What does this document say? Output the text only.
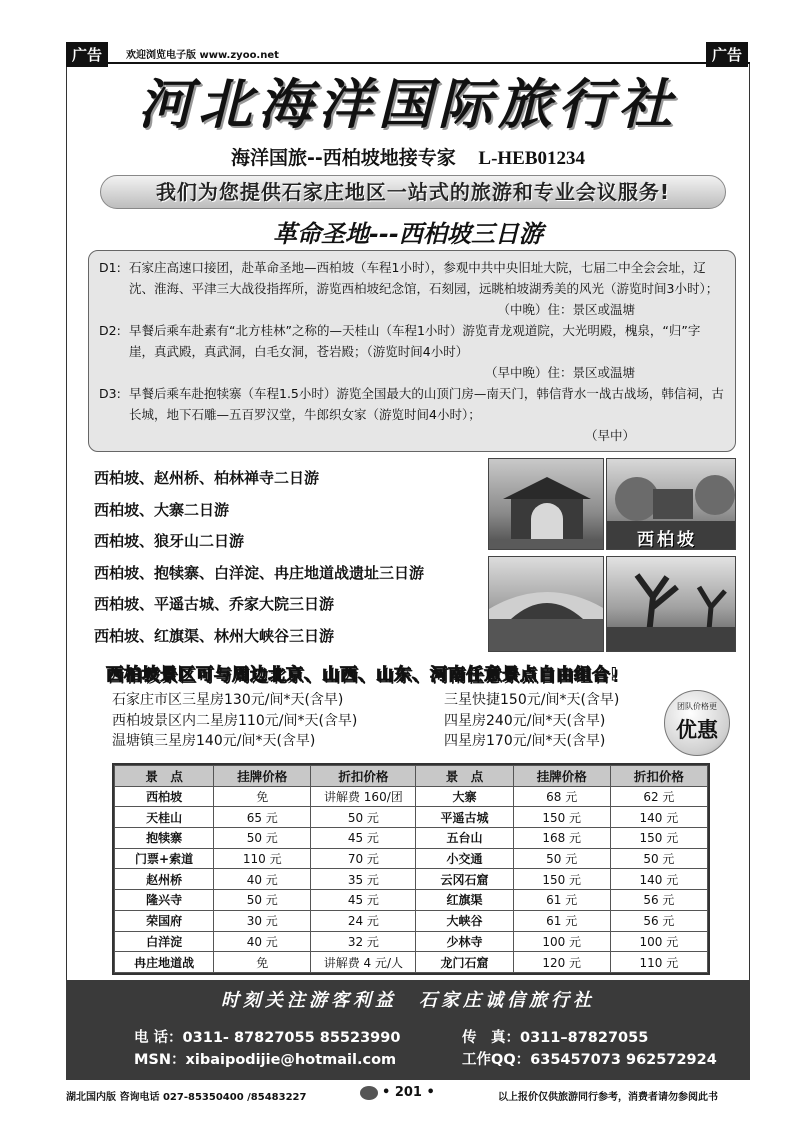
广告	欢迎浏览电子版 www.zyoo.net	广告
河北海洋国际旅行社
海洋国旅--西柏坡地接专家 L-HEB01234
我们为您提供石家庄地区一站式的旅游和专业会议服务!
革命圣地---西柏坡三日游
D1: 石家庄高速口接团，赴革命圣地—西柏坡（车程1小时），参观中共中央旧址大院，七届二中全会会址，辽沈、淮海、平津三大战役指挥所，游览西柏坡纪念馆，石刻园，远眺柏坡湖秀美的风光（游览时间3小时）；
（中晚）住：景区或温塘
D2: 早餐后乘车赴素有“北方桂林”之称的—天桂山（车程1小时）游览青龙观道院，大光明殿，槐泉，“归”字崖，真武殿，真武洞，白毛女洞，苍岩殿；（游览时间4小时）
（早中晚）住：景区或温塘
D3: 早餐后乘车赴抱犊寨（车程1.5小时）游览全国最大的山顶门房—南天门，韩信背水一战古战场，韩信祠，古长城，地下石雕—五百罗汉堂，牛郎织女家（游览时间4小时）；
（早中）
西柏坡、赵州桥、柏林禅寺二日游
西柏坡、大寨二日游
西柏坡、狼牙山二日游
西柏坡、抱犊寨、白洋淀、冉庄地道战遗址三日游
西柏坡、平遥古城、乔家大院三日游
西柏坡、红旗渠、林州大峡谷三日游
西柏坡
西柏坡景区可与周边北京、山西、山东、河南任意景点自由组合!
石家庄市区三星房130元/间*天(含早)
西柏坡景区内二星房110元/间*天(含早)
温塘镇三星房140元/间*天(含早)
三星快捷150元/间*天(含早)
四星房240元/间*天(含早)
四星房170元/间*天(含早)
团队价格更
优惠
景　点	挂牌价格	折扣价格	景　点	挂牌价格	折扣价格
西柏坡	免	讲解费 160/团	大寨	68 元	62 元
天桂山	65 元	50 元	平遥古城	150 元	140 元
抱犊寨	50 元	45 元	五台山	168 元	150 元
门票+索道	110 元	70 元	小交通	50 元	50 元
赵州桥	40 元	35 元	云冈石窟	150 元	140 元
隆兴寺	50 元	45 元	红旗渠	61 元	56 元
荣国府	30 元	24 元	大峡谷	61 元	56 元
白洋淀	40 元	32 元	少林寺	100 元	100 元
冉庄地道战	免	讲解费 4 元/人	龙门石窟	120 元	110 元
时刻关注游客利益　石家庄诚信旅行社
电 话：0311- 87827055 85523990
MSN：xibaipodijie@hotmail.com
传　真：0311–87827055
工作QQ：635457073 962572924
湖北国内版 咨询电话 027-85350400 /85483227	• 201 •	以上报价仅供旅游同行参考，消费者请勿参阅此书
